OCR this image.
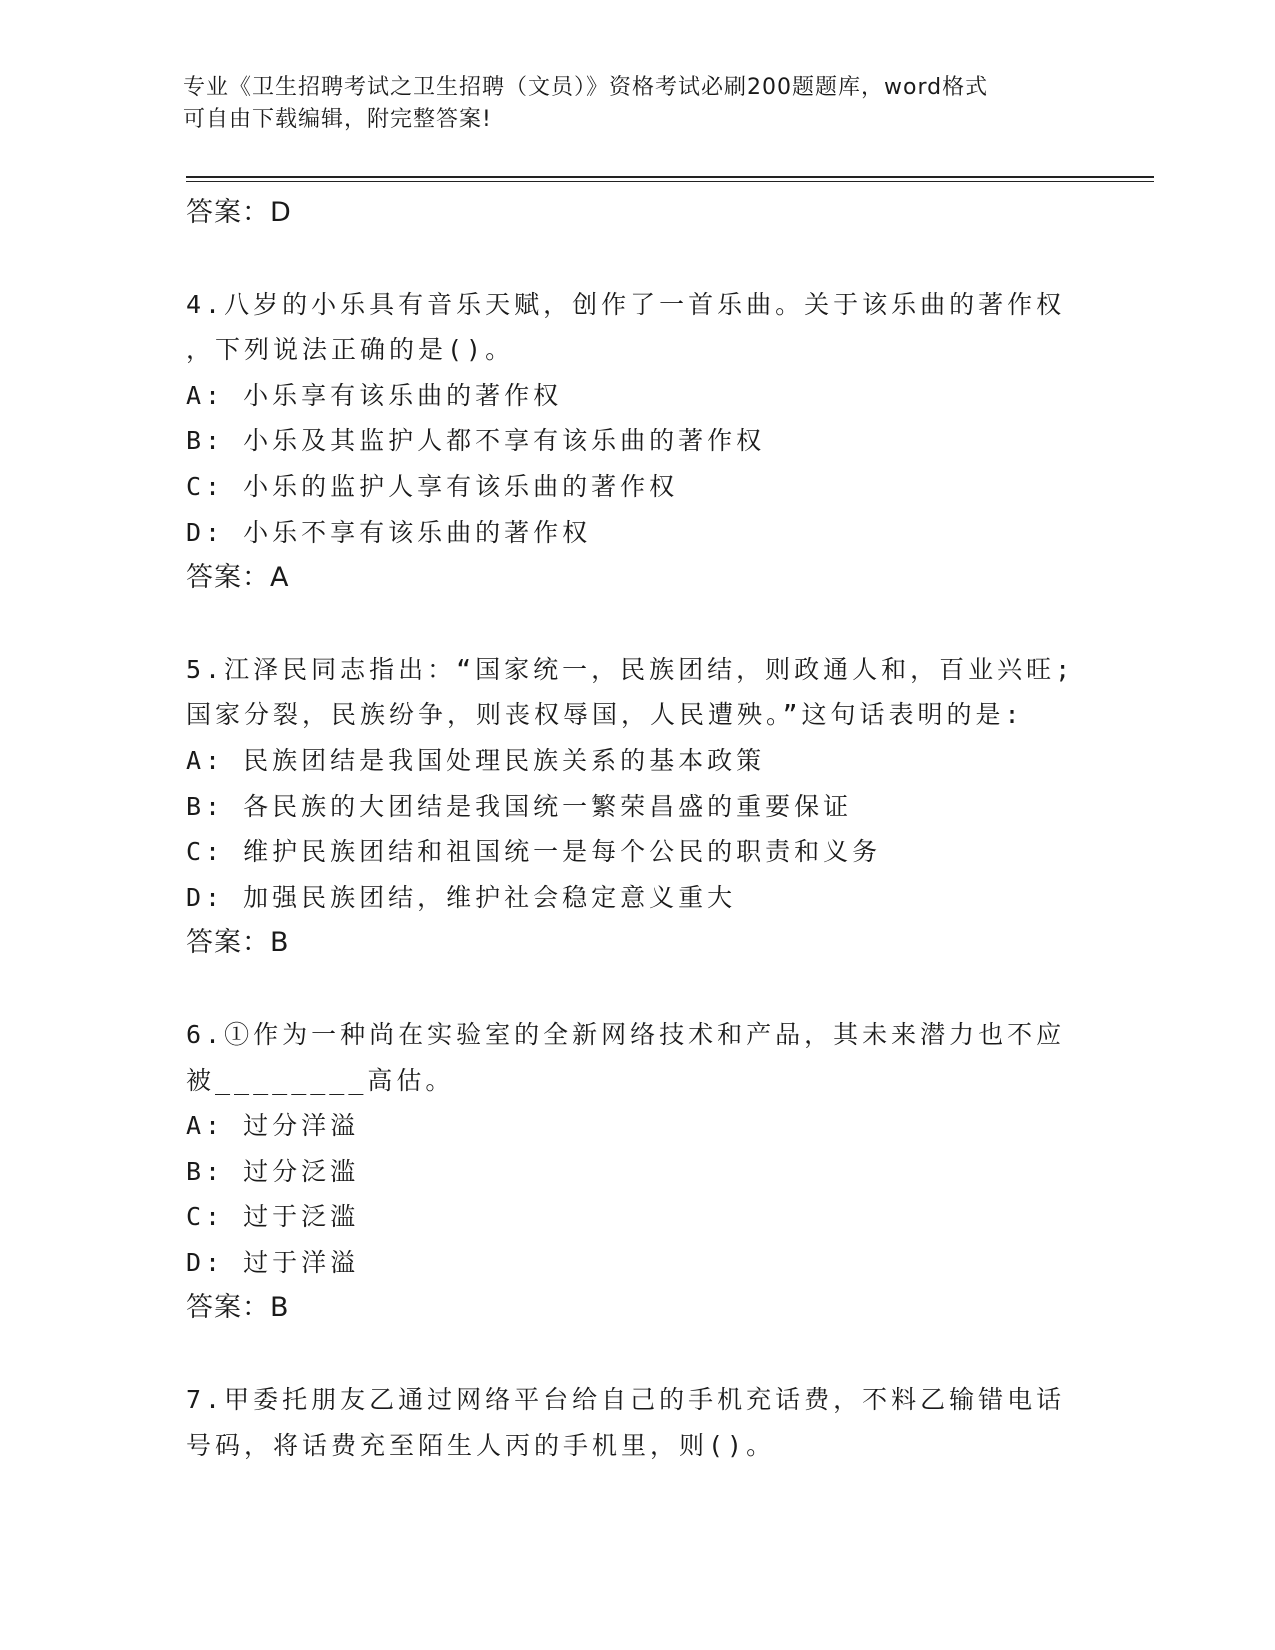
专业《卫生招聘考试之卫生招聘（文员）》资格考试必刷200题题库，word格式
可自由下载编辑，附完整答案!
答案：D
4.八岁的小乐具有音乐天赋，创作了一首乐曲。关于该乐曲的著作权
，下列说法正确的是()。
A: 小乐享有该乐曲的著作权
B: 小乐及其监护人都不享有该乐曲的著作权
C: 小乐的监护人享有该乐曲的著作权
D: 小乐不享有该乐曲的著作权
答案：A
5.江泽民同志指出：“国家统一，民族团结，则政通人和，百业兴旺;
国家分裂，民族纷争，则丧权辱国，人民遭殃。”这句话表明的是:
A: 民族团结是我国处理民族关系的基本政策
B: 各民族的大团结是我国统一繁荣昌盛的重要保证
C: 维护民族团结和祖国统一是每个公民的职责和义务
D: 加强民族团结，维护社会稳定意义重大
答案：B
6.①作为一种尚在实验室的全新网络技术和产品，其未来潜力也不应
被________高估。
A: 过分洋溢
B: 过分泛滥
C: 过于泛滥
D: 过于洋溢
答案：B
7.甲委托朋友乙通过网络平台给自己的手机充话费，不料乙输错电话
号码，将话费充至陌生人丙的手机里，则()。
